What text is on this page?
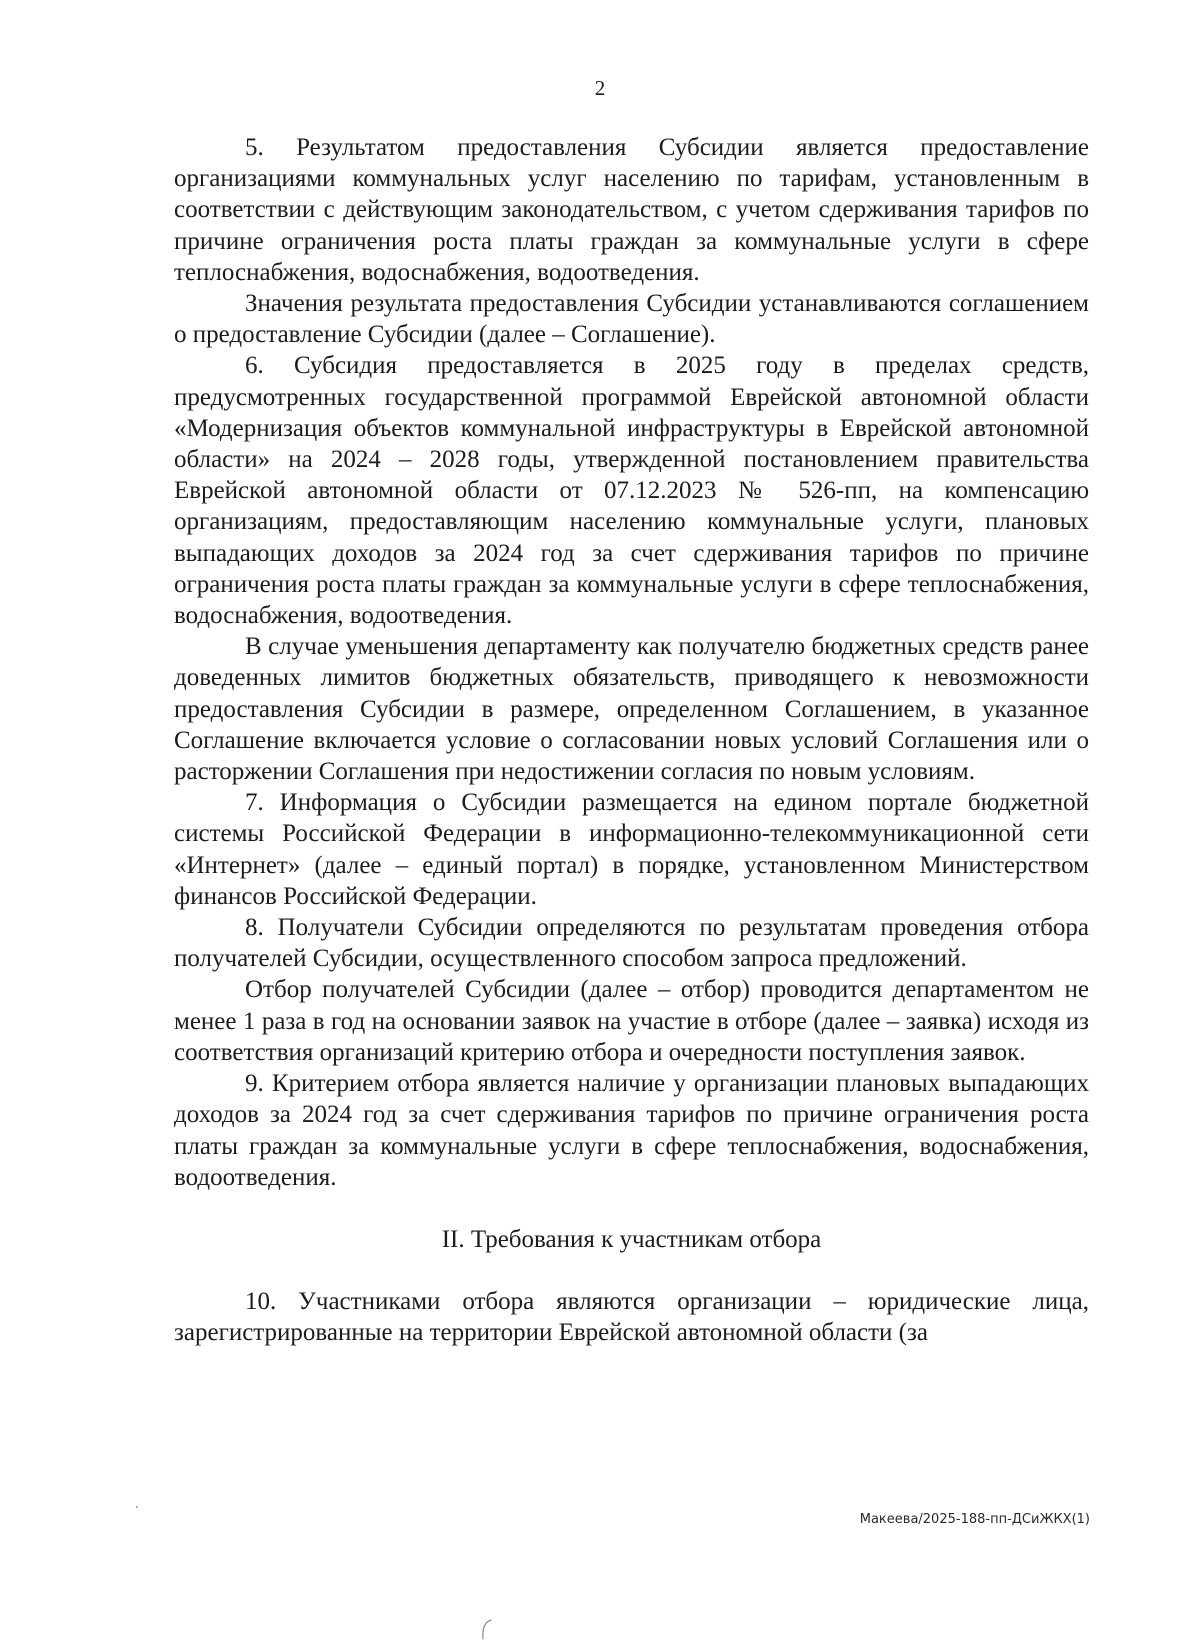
2

5. Результатом предоставления Субсидии является предоставление организациями коммунальных услуг населению по тарифам, установленным в соответствии с действующим законодательством, с учетом сдерживания тарифов по причине ограничения роста платы граждан за коммунальные услуги в сфере теплоснабжения, водоснабжения, водоотведения.

Значения результата предоставления Субсидии устанавливаются соглашением о предоставление Субсидии (далее – Соглашение).

6. Субсидия предоставляется в 2025 году в пределах средств, предусмотренных государственной программой Еврейской автономной области «Модернизация объектов коммунальной инфраструктуры в Еврейской автономной области» на 2024 – 2028 годы, утвержденной постановлением правительства Еврейской автономной области от 07.12.2023 № 526-пп, на компенсацию организациям, предоставляющим населению коммунальные услуги, плановых выпадающих доходов за 2024 год за счет сдерживания тарифов по причине ограничения роста платы граждан за коммунальные услуги в сфере теплоснабжения, водоснабжения, водоотведения.

В случае уменьшения департаменту как получателю бюджетных средств ранее доведенных лимитов бюджетных обязательств, приводящего к невозможности предоставления Субсидии в размере, определенном Соглашением, в указанное Соглашение включается условие о согласовании новых условий Соглашения или о расторжении Соглашения при недостижении согласия по новым условиям.

7. Информация о Субсидии размещается на едином портале бюджетной системы Российской Федерации в информационно-телекоммуникационной сети «Интернет» (далее – единый портал) в порядке, установленном Министерством финансов Российской Федерации.

8. Получатели Субсидии определяются по результатам проведения отбора получателей Субсидии, осуществленного способом запроса предложений.

Отбор получателей Субсидии (далее – отбор) проводится департаментом не менее 1 раза в год на основании заявок на участие в отборе (далее – заявка) исходя из соответствия организаций критерию отбора и очередности поступления заявок.

9. Критерием отбора является наличие у организации плановых выпадающих доходов за 2024 год за счет сдерживания тарифов по причине ограничения роста платы граждан за коммунальные услуги в сфере теплоснабжения, водоснабжения, водоотведения.

II. Требования к участникам отбора

10. Участниками отбора являются организации – юридические лица, зарегистрированные на территории Еврейской автономной области (за

Макеева/2025-188-пп-ДСиЖКХ(1)
